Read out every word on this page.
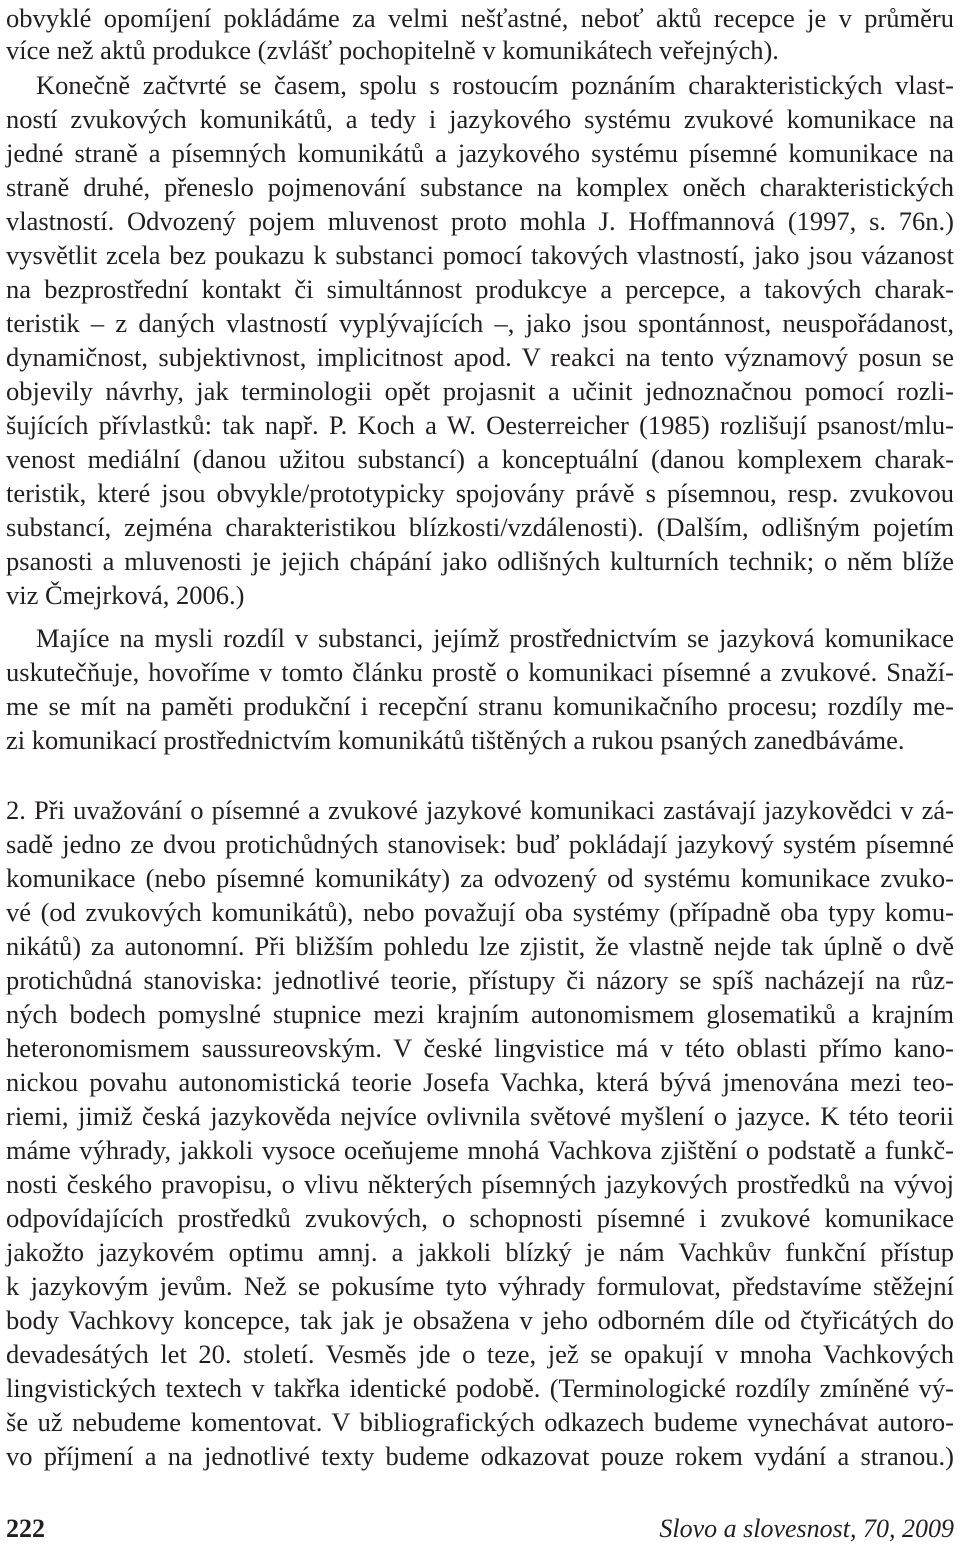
obvyklé opomíjení pokládáme za velmi nešťastné, neboť aktů recepce je v průměru
více než aktů produkce (zvlášť pochopitelně v komunikátech veřejných).
Konečně začtvrté se časem, spolu s rostoucím poznáním charakteristických vlast-
ností zvukových komunikátů, a tedy i jazykového systému zvukové komunikace na
jedné straně a písemných komunikátů a jazykového systému písemné komunikace na
straně druhé, přeneslo pojmenování substance na komplex oněch charakteristických
vlastností. Odvozený pojem mluvenost proto mohla J. Hoffmannová (1997, s. 76n.)
vysvětlit zcela bez poukazu k substanci pomocí takových vlastností, jako jsou vázanost
na bezprostřední kontakt či simultánnost produkcye a percepce, a takových charak-
teristik – z daných vlastností vyplývajících –, jako jsou spontánnost, neuspořádanost,
dynamičnost, subjektivnost, implicitnost apod. V reakci na tento významový posun se
objevily návrhy, jak terminologii opět projasnit a učinit jednoznačnou pomocí rozli-
šujících přívlastků: tak např. P. Koch a W. Oesterreicher (1985) rozlišují psanost/mlu-
venost mediální (danou užitou substancí) a konceptuální (danou komplexem charak-
teristik, které jsou obvykle/prototypicky spojovány právě s písemnou, resp. zvukovou
substancí, zejména charakteristikou blízkosti/vzdálenosti). (Dalším, odlišným pojetím
psanosti a mluvenosti je jejich chápání jako odlišných kulturních technik; o něm blíže
viz Čmejrková, 2006.)
Majíce na mysli rozdíl v substanci, jejímž prostřednictvím se jazyková komunikace
uskutečňuje, hovoříme v tomto článku prostě o komunikaci písemné a zvukové. Snaží-
me se mít na paměti produkční i recepční stranu komunikačního procesu; rozdíly me-
zi komunikací prostřednictvím komunikátů tištěných a rukou psaných zanedbáváme.
2. Při uvažování o písemné a zvukové jazykové komunikaci zastávají jazykovědci v zá-
sadě jedno ze dvou protichůdných stanovisek: buď pokládají jazykový systém písemné
komunikace (nebo písemné komunikáty) za odvozený od systému komunikace zvuko-
vé (od zvukových komunikátů), nebo považují oba systémy (případně oba typy komu-
nikátů) za autonomní. Při bližším pohledu lze zjistit, že vlastně nejde tak úplně o dvě
protichůdná stanoviska: jednotlivé teorie, přístupy či názory se spíš nacházejí na růz-
ných bodech pomyslné stupnice mezi krajním autonomismem glosematiků a krajním
heteronomismem saussureovským. V české lingvistice má v této oblasti přímo kano-
nickou povahu autonomistická teorie Josefa Vachka, která bývá jmenována mezi teo-
riemi, jimiž česká jazykověda nejvíce ovlivnila světové myšlení o jazyce. K této teorii
máme výhrady, jakkoli vysoce oceňujeme mnohá Vachkova zjištění o podstatě a funkč-
nosti českého pravopisu, o vlivu některých písemných jazykových prostředků na vývoj
odpovídajících prostředků zvukových, o schopnosti písemné i zvukové komunikace
jakožto jazykovém optimu amnj. a jakkoli blízký je nám Vachkův funkční přístup
k jazykovým jevům. Než se pokusíme tyto výhrady formulovat, představíme stěžejní
body Vachkovy koncepce, tak jak je obsažena v jeho odborném díle od čtyřicátých do
devadesátých let 20. století. Vesměs jde o teze, jež se opakují v mnoha Vachkových
lingvistických textech v takřka identické podobě. (Terminologické rozdíly zmíněné vý-
še už nebudeme komentovat. V bibliografických odkazech budeme vynechávat autoro-
vo příjmení a na jednotlivé texty budeme odkazovat pouze rokem vydání a stranou.)
222	Slovo a slovesnost, 70, 2009
